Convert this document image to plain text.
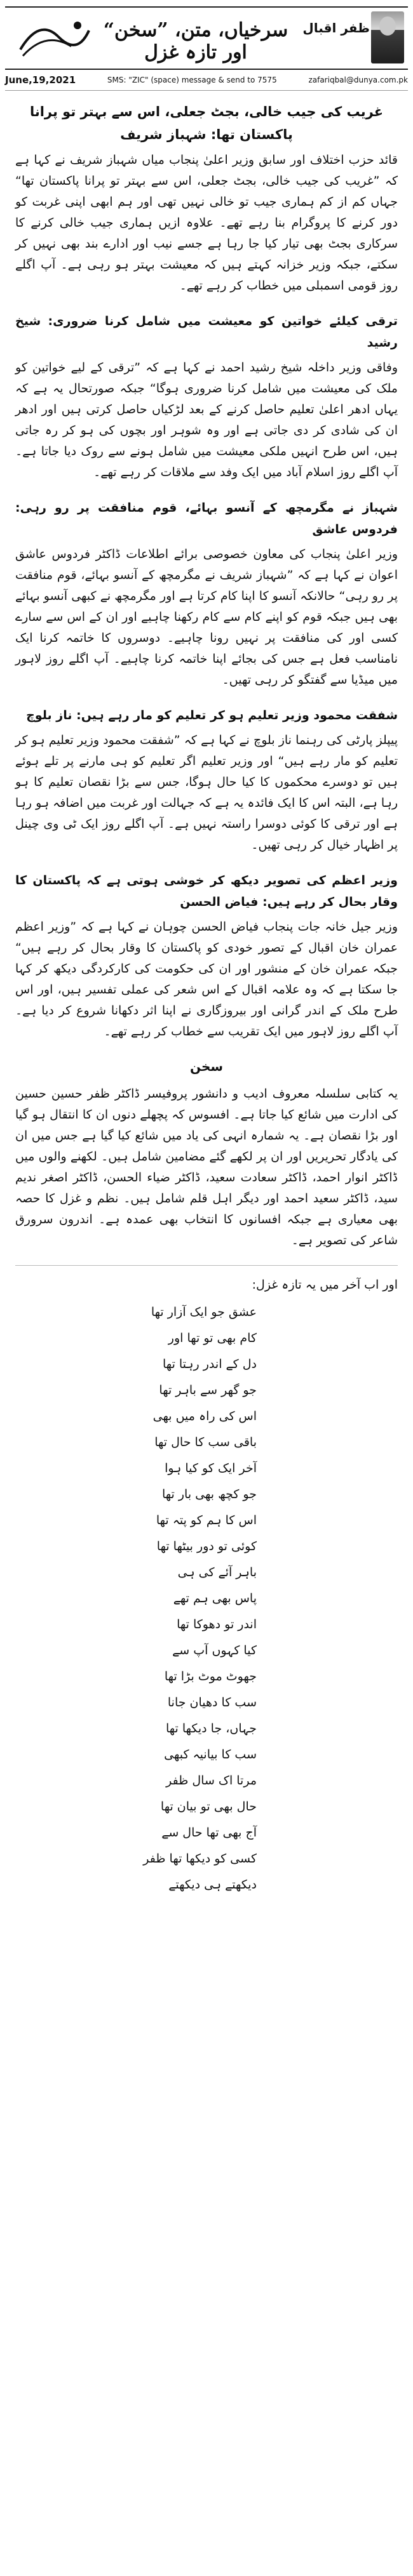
سرخیاں، متن، ”سخن“ اور تازہ غزل
ظفر اقبال
June,19,2021	SMS: "ZIC" (space) message & send to 7575	zafariqbal@dunya.com.pk
غریب کی جیب خالی، بجٹ جعلی، اس سے بہتر تو پرانا پاکستان تھا: شہباز شریف

قائد حزب اختلاف اور سابق وزیر اعلیٰ پنجاب میاں شہباز شریف نے کہا ہے کہ ”غریب کی جیب خالی، بجٹ جعلی، اس سے بہتر تو پرانا پاکستان تھا“ جہاں کم از کم ہماری جیب تو خالی نہیں تھی اور ہم ابھی اپنی غربت کو دور کرنے کا پروگرام بنا رہے تھے۔ علاوہ ازیں ہماری جیب خالی کرنے کا سرکاری بجٹ بھی تیار کیا جا رہا ہے جسے نیب اور ادارے بند بھی نہیں کر سکتے، جبکہ وزیر خزانہ کہتے ہیں کہ معیشت بہتر ہو رہی ہے۔ آپ اگلے روز قومی اسمبلی میں خطاب کر رہے تھے۔

ترقی کیلئے خواتین کو معیشت میں شامل کرنا ضروری: شیخ رشید

وفاقی وزیر داخلہ شیخ رشید احمد نے کہا ہے کہ ”ترقی کے لیے خواتین کو ملک کی معیشت میں شامل کرنا ضروری ہوگا“ جبکہ صورتحال یہ ہے کہ یہاں ادھر اعلیٰ تعلیم حاصل کرنے کے بعد لڑکیاں حاصل کرتی ہیں اور ادھر ان کی شادی کر دی جاتی ہے اور وہ شوہر اور بچوں کی ہو کر رہ جاتی ہیں، اس طرح انہیں ملکی معیشت میں شامل ہونے سے روک دیا جاتا ہے۔ آپ اگلے روز اسلام آباد میں ایک وفد سے ملاقات کر رہے تھے۔

شہباز نے مگرمچھ کے آنسو بہائے، قوم منافقت پر رو رہی: فردوس عاشق

وزیر اعلیٰ پنجاب کی معاون خصوصی برائے اطلاعات ڈاکٹر فردوس عاشق اعوان نے کہا ہے کہ ”شہباز شریف نے مگرمچھ کے آنسو بہائے، قوم منافقت پر رو رہی“ حالانکہ آنسو کا اپنا کام کرتا ہے اور مگرمچھ نے کبھی آنسو بہائے بھی ہیں جبکہ قوم کو اپنے کام سے کام رکھنا چاہیے اور ان کے اس سے سارے کسی اور کی منافقت پر نہیں رونا چاہیے۔ دوسروں کا خاتمہ کرنا ایک نامناسب فعل ہے جس کی بجائے اپنا خاتمہ کرنا چاہیے۔ آپ اگلے روز لاہور میں میڈیا سے گفتگو کر رہی تھیں۔

شفقت محمود وزیر تعلیم ہو کر تعلیم کو مار رہے ہیں: ناز بلوچ

پیپلز پارٹی کی رہنما ناز بلوچ نے کہا ہے کہ ”شفقت محمود وزیر تعلیم ہو کر تعلیم کو مار رہے ہیں“ اور وزیر تعلیم اگر تعلیم کو ہی مارنے پر تلے ہوئے ہیں تو دوسرے محکموں کا کیا حال ہوگا، جس سے بڑا نقصان تعلیم کا ہو رہا ہے، البتہ اس کا ایک فائدہ یہ ہے کہ جہالت اور غربت میں اضافہ ہو رہا ہے اور ترقی کا کوئی دوسرا راستہ نہیں ہے۔ آپ اگلے روز ایک ٹی وی چینل پر اظہار خیال کر رہی تھیں۔

وزیر اعظم کی تصویر دیکھ کر خوشی ہوتی ہے کہ پاکستان کا وقار بحال کر رہے ہیں: فیاض الحسن

وزیر جیل خانہ جات پنجاب فیاض الحسن چوہان نے کہا ہے کہ ”وزیر اعظم عمران خان اقبال کے تصور خودی کو پاکستان کا وقار بحال کر رہے ہیں“ جبکہ عمران خان کے منشور اور ان کی حکومت کی کارکردگی دیکھ کر کہا جا سکتا ہے کہ وہ علامہ اقبال کے اس شعر کی عملی تفسیر ہیں، اور اس طرح ملک کے اندر گرانی اور بیروزگاری نے اپنا اثر دکھانا شروع کر دیا ہے۔ آپ اگلے روز لاہور میں ایک تقریب سے خطاب کر رہے تھے۔

سخن

یہ کتابی سلسلہ معروف ادیب و دانشور پروفیسر ڈاکٹر ظفر حسین حسین کی ادارت میں شائع کیا جاتا ہے۔ افسوس کہ پچھلے دنوں ان کا انتقال ہو گیا اور بڑا نقصان ہے۔ یہ شمارہ انہی کی یاد میں شائع کیا گیا ہے جس میں ان کی یادگار تحریریں اور ان پر لکھے گئے مضامین شامل ہیں۔ لکھنے والوں میں ڈاکٹر انوار احمد، ڈاکٹر سعادت سعید، ڈاکٹر ضیاء الحسن، ڈاکٹر اصغر ندیم سید، ڈاکٹر سعید احمد اور دیگر اہل قلم شامل ہیں۔ نظم و غزل کا حصہ بھی معیاری ہے جبکہ افسانوں کا انتخاب بھی عمدہ ہے۔ اندرون سرورق شاعر کی تصویر ہے۔

اور اب آخر میں یہ تازہ غزل:

عشق جو ایک آزار تھا
کام بھی تو تھا اور
دل کے اندر رہتا تھا
جو گھر سے باہر تھا
اس کی راہ میں بھی
باقی سب کا حال تھا
آخر ایک کو کیا ہوا
جو کچھ بھی بار تھا
اس کا ہم کو پتہ تھا
کوئی تو دور بیٹھا تھا
باہر آئے کی ہی
پاس بھی ہم تھے
اندر تو دھوکا تھا
کیا کہوں آپ سے
جھوٹ موٹ بڑا تھا
سب کا دھیان جانا
جہاں، جا دیکھا تھا
سب کا بیانیہ کبھی
مرتا اک سال ظفر
حال بھی تو بیان تھا
آج بھی تھا حال سے
کسی کو دیکھا تھا ظفر
دیکھتے ہی دیکھتے
